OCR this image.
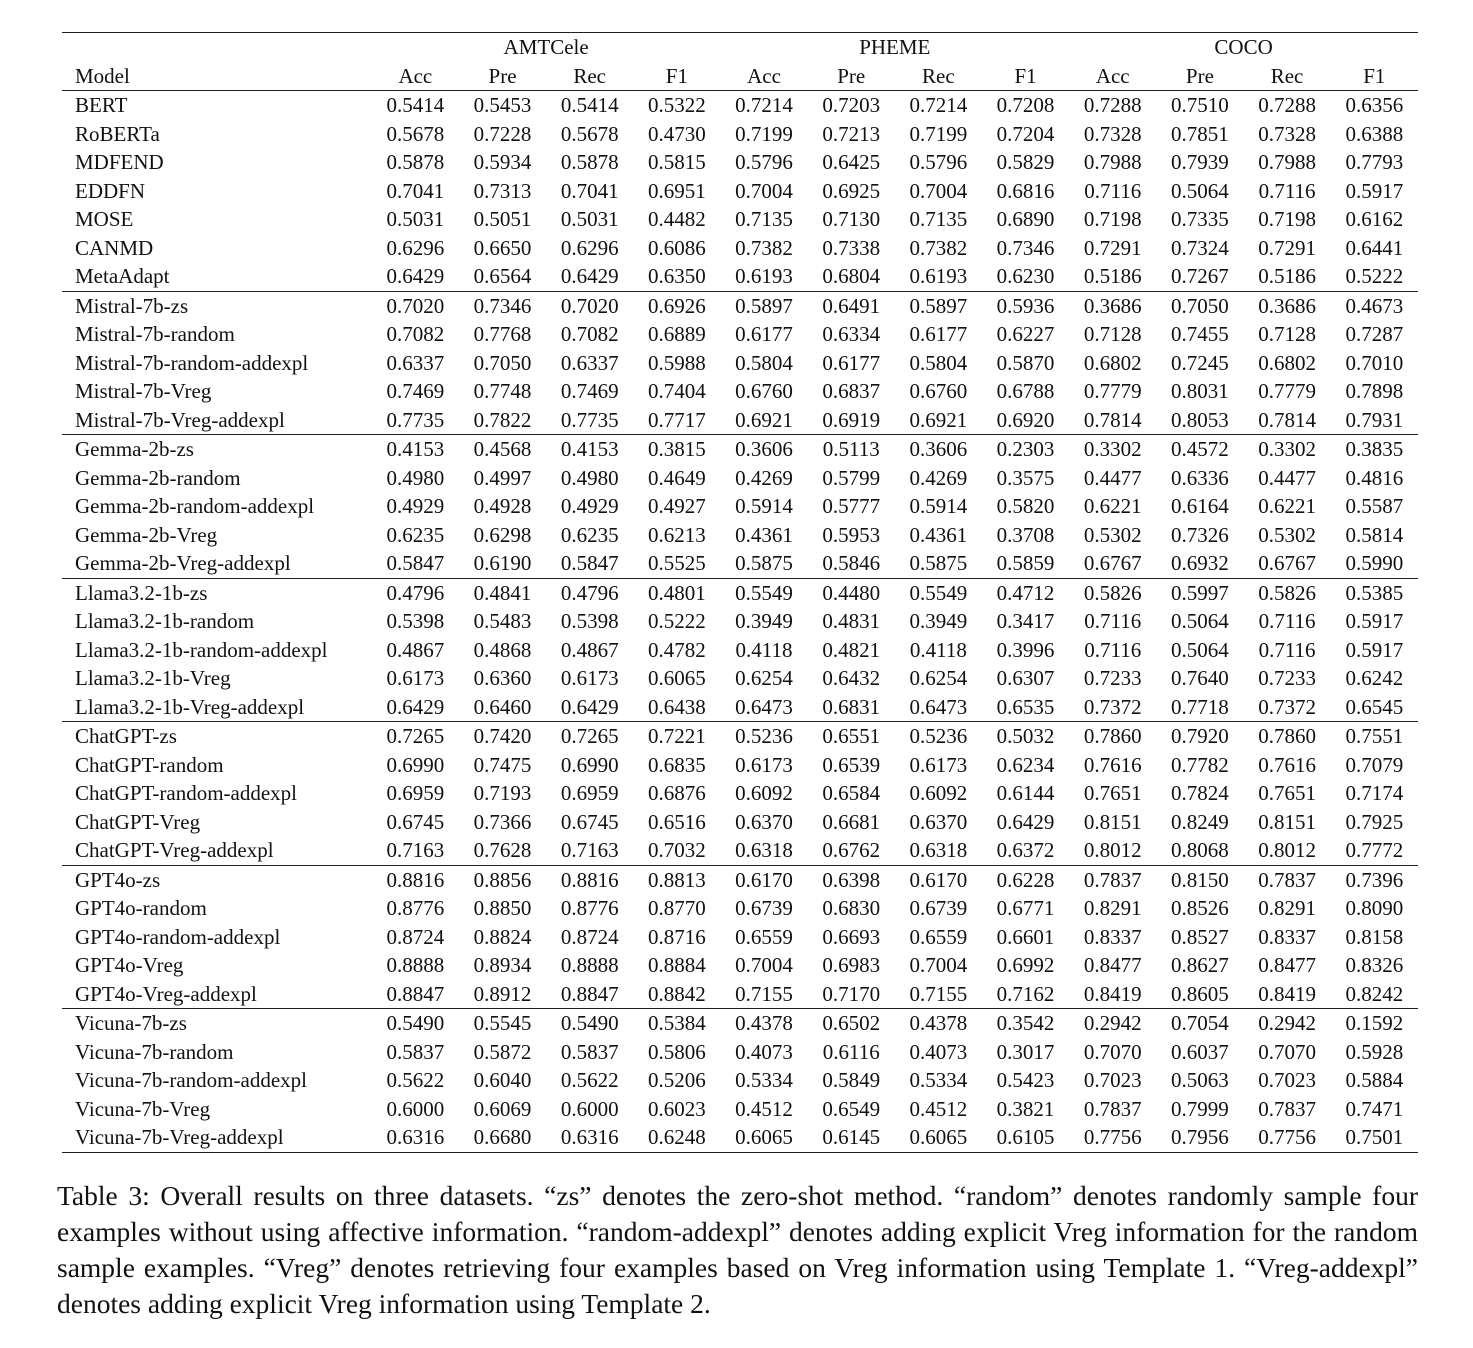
	AMTCele				PHEME				COCO			
Model	Acc	Pre	Rec	F1	Acc	Pre	Rec	F1	Acc	Pre	Rec	F1
BERT	0.5414	0.5453	0.5414	0.5322	0.7214	0.7203	0.7214	0.7208	0.7288	0.7510	0.7288	0.6356
RoBERTa	0.5678	0.7228	0.5678	0.4730	0.7199	0.7213	0.7199	0.7204	0.7328	0.7851	0.7328	0.6388
MDFEND	0.5878	0.5934	0.5878	0.5815	0.5796	0.6425	0.5796	0.5829	0.7988	0.7939	0.7988	0.7793
EDDFN	0.7041	0.7313	0.7041	0.6951	0.7004	0.6925	0.7004	0.6816	0.7116	0.5064	0.7116	0.5917
MOSE	0.5031	0.5051	0.5031	0.4482	0.7135	0.7130	0.7135	0.6890	0.7198	0.7335	0.7198	0.6162
CANMD	0.6296	0.6650	0.6296	0.6086	0.7382	0.7338	0.7382	0.7346	0.7291	0.7324	0.7291	0.6441
MetaAdapt	0.6429	0.6564	0.6429	0.6350	0.6193	0.6804	0.6193	0.6230	0.5186	0.7267	0.5186	0.5222
Mistral-7b-zs	0.7020	0.7346	0.7020	0.6926	0.5897	0.6491	0.5897	0.5936	0.3686	0.7050	0.3686	0.4673
Mistral-7b-random	0.7082	0.7768	0.7082	0.6889	0.6177	0.6334	0.6177	0.6227	0.7128	0.7455	0.7128	0.7287
Mistral-7b-random-addexpl	0.6337	0.7050	0.6337	0.5988	0.5804	0.6177	0.5804	0.5870	0.6802	0.7245	0.6802	0.7010
Mistral-7b-Vreg	0.7469	0.7748	0.7469	0.7404	0.6760	0.6837	0.6760	0.6788	0.7779	0.8031	0.7779	0.7898
Mistral-7b-Vreg-addexpl	0.7735	0.7822	0.7735	0.7717	0.6921	0.6919	0.6921	0.6920	0.7814	0.8053	0.7814	0.7931
Gemma-2b-zs	0.4153	0.4568	0.4153	0.3815	0.3606	0.5113	0.3606	0.2303	0.3302	0.4572	0.3302	0.3835
Gemma-2b-random	0.4980	0.4997	0.4980	0.4649	0.4269	0.5799	0.4269	0.3575	0.4477	0.6336	0.4477	0.4816
Gemma-2b-random-addexpl	0.4929	0.4928	0.4929	0.4927	0.5914	0.5777	0.5914	0.5820	0.6221	0.6164	0.6221	0.5587
Gemma-2b-Vreg	0.6235	0.6298	0.6235	0.6213	0.4361	0.5953	0.4361	0.3708	0.5302	0.7326	0.5302	0.5814
Gemma-2b-Vreg-addexpl	0.5847	0.6190	0.5847	0.5525	0.5875	0.5846	0.5875	0.5859	0.6767	0.6932	0.6767	0.5990
Llama3.2-1b-zs	0.4796	0.4841	0.4796	0.4801	0.5549	0.4480	0.5549	0.4712	0.5826	0.5997	0.5826	0.5385
Llama3.2-1b-random	0.5398	0.5483	0.5398	0.5222	0.3949	0.4831	0.3949	0.3417	0.7116	0.5064	0.7116	0.5917
Llama3.2-1b-random-addexpl	0.4867	0.4868	0.4867	0.4782	0.4118	0.4821	0.4118	0.3996	0.7116	0.5064	0.7116	0.5917
Llama3.2-1b-Vreg	0.6173	0.6360	0.6173	0.6065	0.6254	0.6432	0.6254	0.6307	0.7233	0.7640	0.7233	0.6242
Llama3.2-1b-Vreg-addexpl	0.6429	0.6460	0.6429	0.6438	0.6473	0.6831	0.6473	0.6535	0.7372	0.7718	0.7372	0.6545
ChatGPT-zs	0.7265	0.7420	0.7265	0.7221	0.5236	0.6551	0.5236	0.5032	0.7860	0.7920	0.7860	0.7551
ChatGPT-random	0.6990	0.7475	0.6990	0.6835	0.6173	0.6539	0.6173	0.6234	0.7616	0.7782	0.7616	0.7079
ChatGPT-random-addexpl	0.6959	0.7193	0.6959	0.6876	0.6092	0.6584	0.6092	0.6144	0.7651	0.7824	0.7651	0.7174
ChatGPT-Vreg	0.6745	0.7366	0.6745	0.6516	0.6370	0.6681	0.6370	0.6429	0.8151	0.8249	0.8151	0.7925
ChatGPT-Vreg-addexpl	0.7163	0.7628	0.7163	0.7032	0.6318	0.6762	0.6318	0.6372	0.8012	0.8068	0.8012	0.7772
GPT4o-zs	0.8816	0.8856	0.8816	0.8813	0.6170	0.6398	0.6170	0.6228	0.7837	0.8150	0.7837	0.7396
GPT4o-random	0.8776	0.8850	0.8776	0.8770	0.6739	0.6830	0.6739	0.6771	0.8291	0.8526	0.8291	0.8090
GPT4o-random-addexpl	0.8724	0.8824	0.8724	0.8716	0.6559	0.6693	0.6559	0.6601	0.8337	0.8527	0.8337	0.8158
GPT4o-Vreg	0.8888	0.8934	0.8888	0.8884	0.7004	0.6983	0.7004	0.6992	0.8477	0.8627	0.8477	0.8326
GPT4o-Vreg-addexpl	0.8847	0.8912	0.8847	0.8842	0.7155	0.7170	0.7155	0.7162	0.8419	0.8605	0.8419	0.8242
Vicuna-7b-zs	0.5490	0.5545	0.5490	0.5384	0.4378	0.6502	0.4378	0.3542	0.2942	0.7054	0.2942	0.1592
Vicuna-7b-random	0.5837	0.5872	0.5837	0.5806	0.4073	0.6116	0.4073	0.3017	0.7070	0.6037	0.7070	0.5928
Vicuna-7b-random-addexpl	0.5622	0.6040	0.5622	0.5206	0.5334	0.5849	0.5334	0.5423	0.7023	0.5063	0.7023	0.5884
Vicuna-7b-Vreg	0.6000	0.6069	0.6000	0.6023	0.4512	0.6549	0.4512	0.3821	0.7837	0.7999	0.7837	0.7471
Vicuna-7b-Vreg-addexpl	0.6316	0.6680	0.6316	0.6248	0.6065	0.6145	0.6065	0.6105	0.7756	0.7956	0.7756	0.7501

Table 3: Overall results on three datasets. “zs” denotes the zero-shot method. “random” denotes randomly sample four examples without using affective information. “random-addexpl” denotes adding explicit Vreg information for the random sample examples. “Vreg” denotes retrieving four examples based on Vreg information using Template 1. “Vreg-addexpl” denotes adding explicit Vreg information using Template 2.
